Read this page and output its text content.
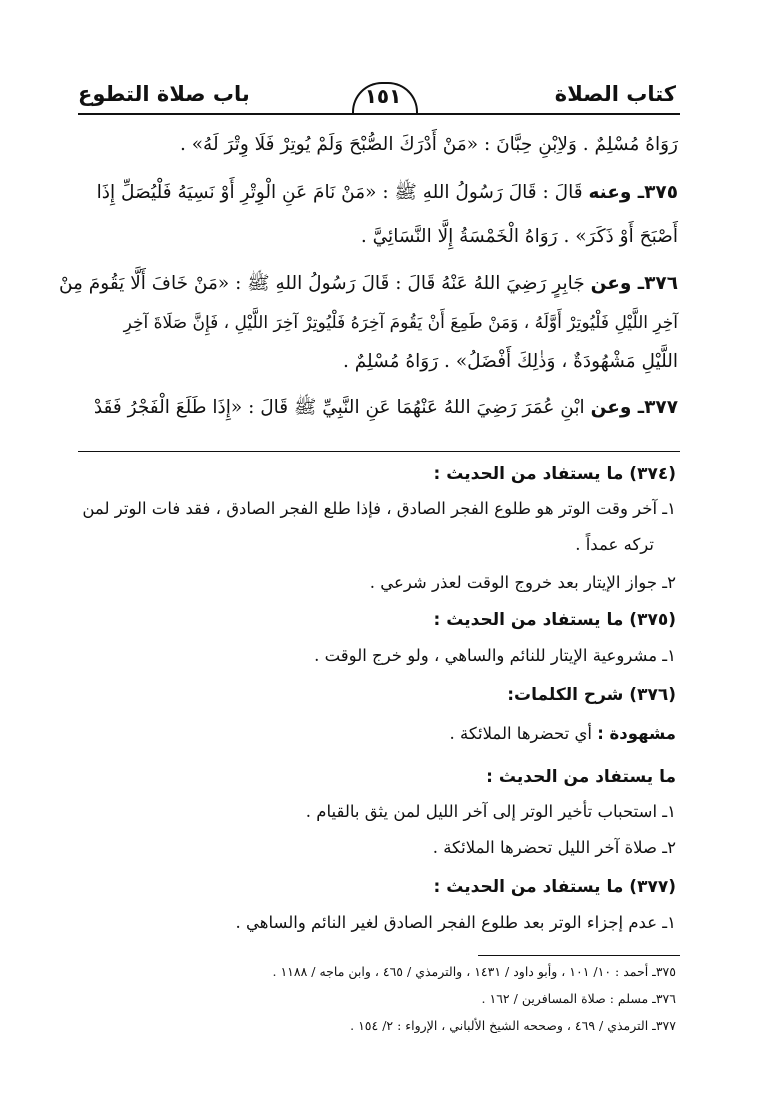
كتاب الصلاة
باب صلاة التطوع	١٥١
رَوَاهُ مُسْلِمٌ . وَلاِبْنِ حِبَّانَ : «مَنْ أَدْرَكَ الصُّبْحَ وَلَمْ يُوتِرْ فَلَا وِتْرَ لَهُ» .
٣٧٥ـ وعنه قَالَ : قَالَ رَسُولُ اللهِ ﷺ : «مَنْ نَامَ عَنِ الْوِتْرِ أَوْ نَسِيَهُ فَلْيُصَلِّ إِذَا
أَصْبَحَ أَوْ ذَكَرَ» . رَوَاهُ الْخَمْسَةُ إِلَّا النَّسَائِيَّ .
٣٧٦ـ وعن جَابِرٍ رَضِيَ اللهُ عَنْهُ قَالَ : قَالَ رَسُولُ اللهِ ﷺ : «مَنْ خَافَ أَلَّا يَقُومَ مِنْ
آخِرِ اللَّيْلِ فَلْيُوتِرْ أَوَّلَهُ ، وَمَنْ طَمِعَ أَنْ يَقُومَ آخِرَهُ فَلْيُوتِرْ آخِرَ اللَّيْلِ ، فَإِنَّ صَلَاةَ آخِرِ
اللَّيْلِ مَشْهُودَةٌ ، وَذٰلِكَ أَفْضَلُ» . رَوَاهُ مُسْلِمٌ .
٣٧٧ـ وعن ابْنِ عُمَرَ رَضِيَ اللهُ عَنْهُمَا عَنِ النَّبِيِّ ﷺ قَالَ : «إِذَا طَلَعَ الْفَجْرُ فَقَدْ
(٣٧٤) ما يستفاد من الحديث :
١ـ آخر وقت الوتر هو طلوع الفجر الصادق ، فإذا طلع الفجر الصادق ، فقد فات الوتر لمن
تركه عمداً .
٢ـ جواز الإيتار بعد خروج الوقت لعذر شرعي .
(٣٧٥) ما يستفاد من الحديث :
١ـ مشروعية الإيتار للنائم والساهي ، ولو خرج الوقت .
(٣٧٦) شرح الكلمات:
مشهودة : أي تحضرها الملائكة .
ما يستفاد من الحديث :
١ـ استحباب تأخير الوتر إلى آخر الليل لمن يثق بالقيام .
٢ـ صلاة آخر الليل تحضرها الملائكة .
(٣٧٧) ما يستفاد من الحديث :
١ـ عدم إجزاء الوتر بعد طلوع الفجر الصادق لغير النائم والساهي .
٣٧٥ـ أحمد : ١٠/ ١٠١ ، وأبو داود / ١٤٣١ ، والترمذي / ٤٦٥ ، وابن ماجه / ١١٨٨ .
٣٧٦ـ مسلم : صلاة المسافرين / ١٦٢ .
٣٧٧ـ الترمذي / ٤٦٩ ، وصححه الشيخ الألباني ، الإرواء : ٢/ ١٥٤ .
